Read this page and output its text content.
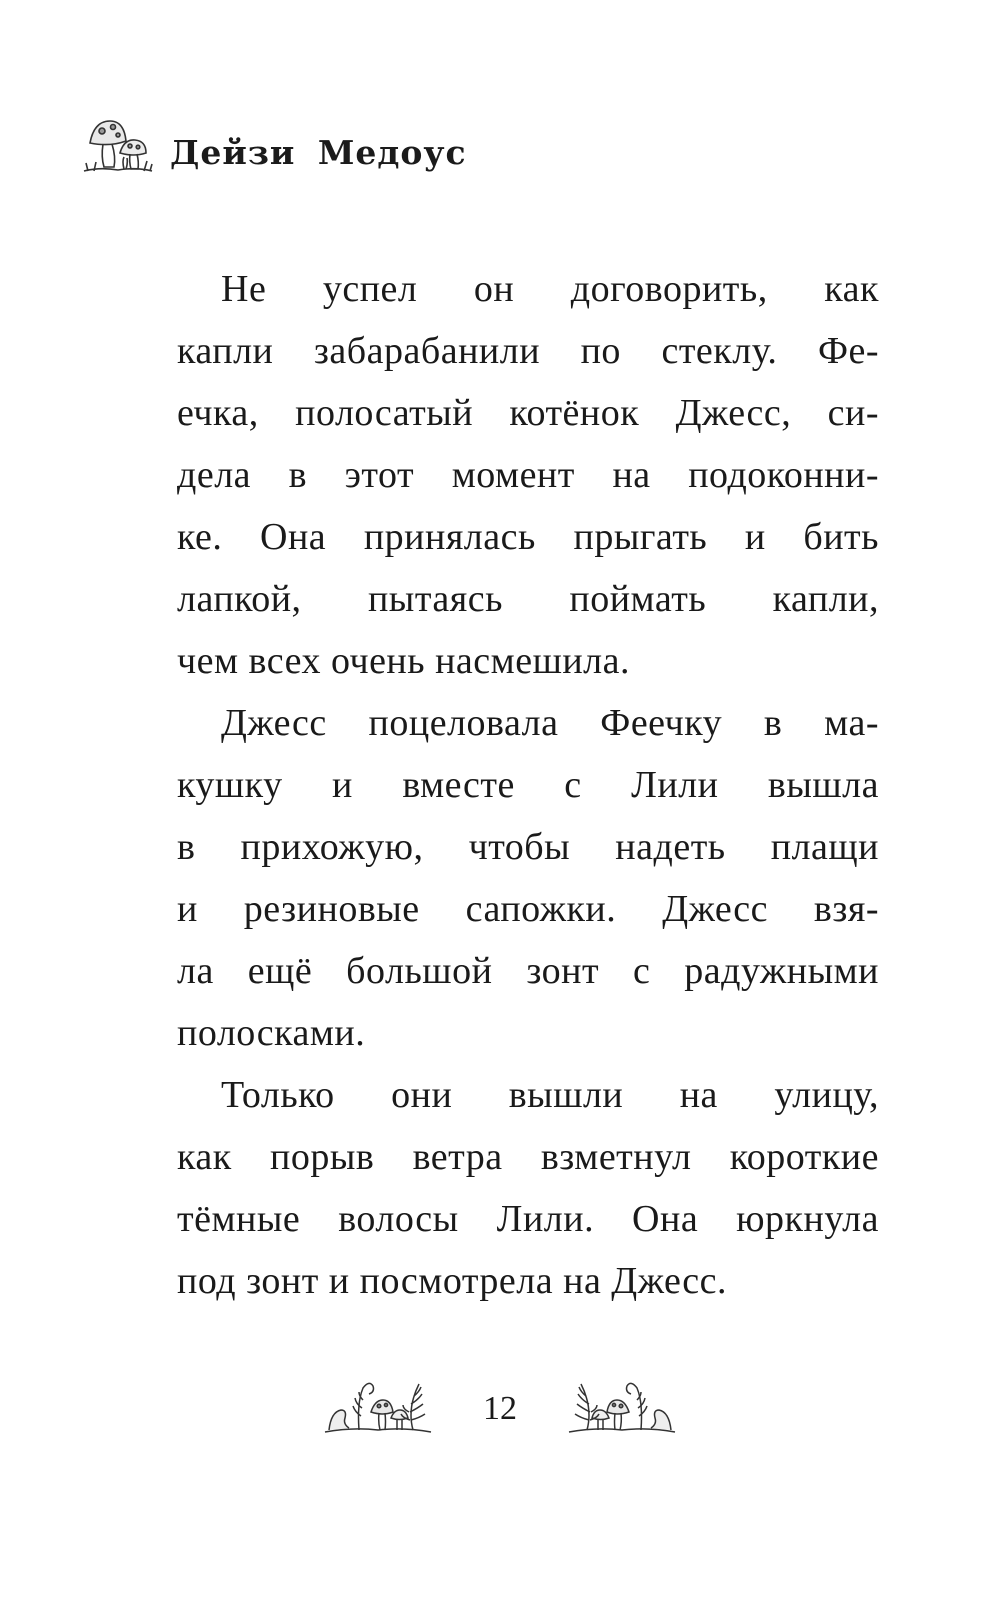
Дейзи Медоус
Не успел он договорить, как
капли забарабанили по стеклу. Фе-
ечка, полосатый котёнок Джесс, си-
дела в этот момент на подоконни-
ке. Она принялась прыгать и бить
лапкой, пытаясь поймать капли,
чем всех очень насмешила.
Джесс поцеловала Феечку в ма-
кушку и вместе с Лили вышла
в прихожую, чтобы надеть плащи
и резиновые сапожки. Джесс взя-
ла ещё большой зонт с радужными
полосками.
Только они вышли на улицу,
как порыв ветра взметнул короткие
тёмные волосы Лили. Она юркнула
под зонт и посмотрела на Джесс.
12
